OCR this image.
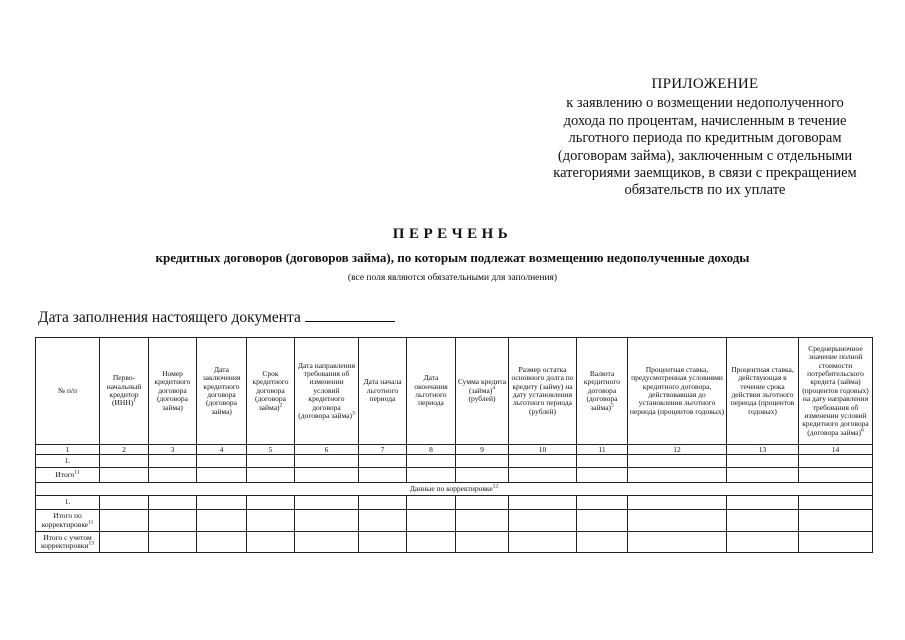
ПРИЛОЖЕНИЕ
к заявлению о возмещении недополученного
дохода по процентам, начисленным в течение
льготного периода по кредитным договорам
(договорам займа), заключенным с отдельными
категориями заемщиков, в связи с прекращением
обязательств по их уплате
ПЕРЕЧЕНЬ
кредитных договоров (договоров займа), по которым подлежат возмещению недополученные доходы
(все поля являются обязательными для заполнения)
Дата заполнения настоящего документа
№ п/п	Перво-начальный кредитор (ИНН)$^1$	Номер кредитного договора (договора займа)	Дата заключения кредитного договора (договора займа)	Срок кредитного договора (договора займа)$^2$	Дата направления требования об изменении условий кредитного договора (договора займа)$^3$	Дата начала льготного периода	Дата окончания льготного периода	Сумма кредита (займа)$^4$ (рублей)	Размер остатка основного долга по кредиту (займу) на дату установления льготного периода (рублей)	Валюта кредитного договора (договора займа)$^5$	Процентная ставка, предусмотренная условиями кредитного договора, действовавшая до установления льготного периода (процентов годовых)	Процентная ставка, действующая в течение срока действия льготного периода (процентов годовых)	Среднерыночное значение полной стоимости потребительского кредита (займа) (процентов годовых) на дату направления требования об изменении условий кредитного договора (договора займа)$^6$
1	2	3	4	5	6	7	8	9	10	11	12	13	14
1.													
Итого$^{11}$													
Данные по корректировке$^{12}$
1.													
Итого по корректировке$^{11}$													
Итого с учетом корректировки$^{13}$													
